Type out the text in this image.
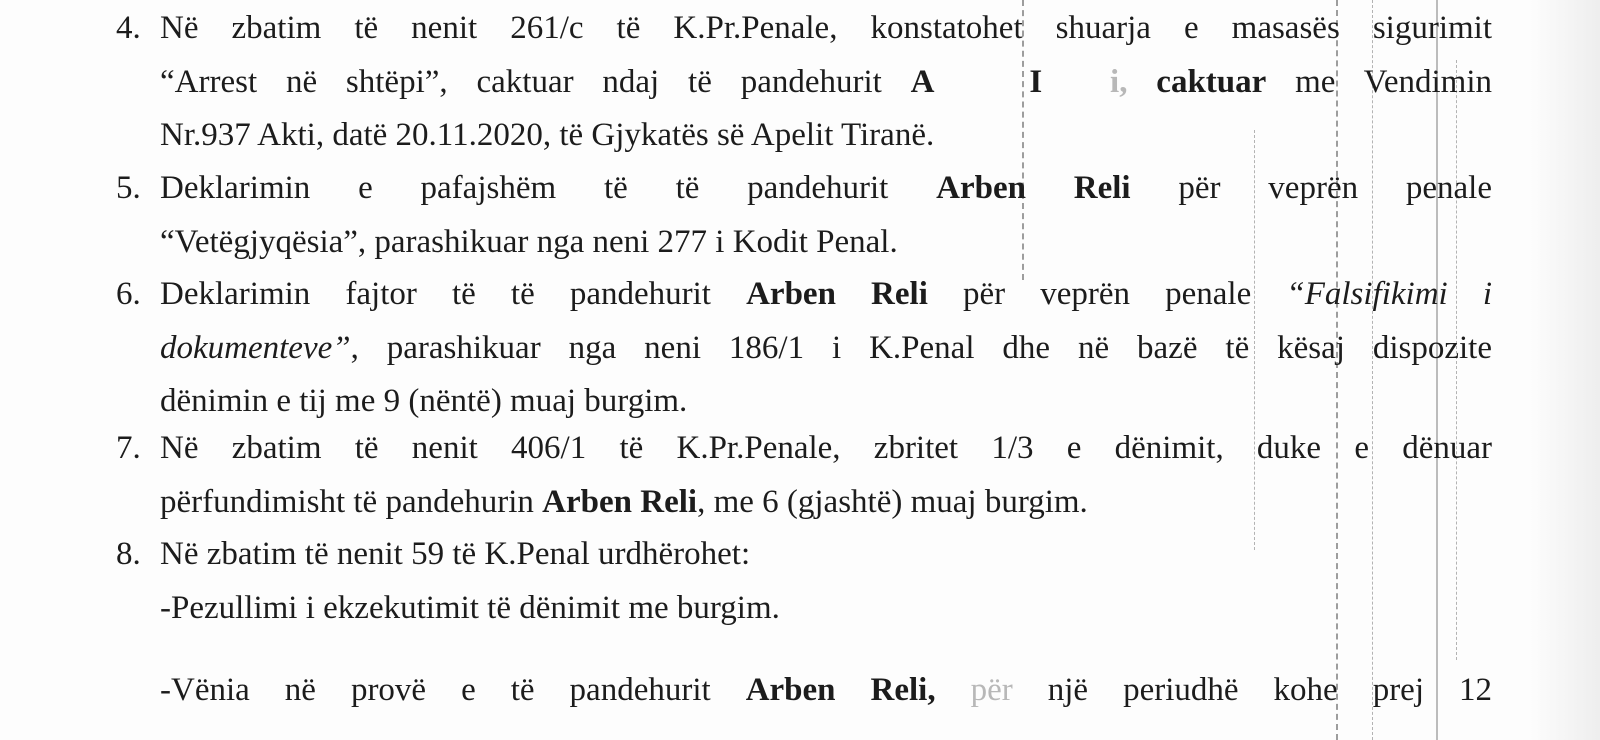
4. Në zbatim të nenit 261/c të K.Pr.Penale, konstatohet shuarja e masasës sigurimit
“Arrest në shtëpi”, caktuar ndaj të pandehurit A	I i, caktuar me Vendimin
Nr.937 Akti, datë 20.11.2020, të Gjykatës së Apelit Tiranë.
5. Deklarimin e pafajshëm të të pandehurit Arben Reli për veprën penale
“Vetëgjyqësia”, parashikuar nga neni 277 i Kodit Penal.
6. Deklarimin fajtor të të pandehurit Arben Reli për veprën penale “Falsifikimi i
dokumenteve”, parashikuar nga neni 186/1 i K.Penal dhe në bazë të kësaj dispozite
dënimin e tij me 9 (nëntë) muaj burgim.
7. Në zbatim të nenit 406/1 të K.Pr.Penale, zbritet 1/3 e dënimit, duke e dënuar
përfundimisht të pandehurin Arben Reli, me 6 (gjashtë) muaj burgim.
8. Në zbatim të nenit 59 të K.Penal urdhërohet:
-Pezullimi i ekzekutimit të dënimit me burgim.
-Vënia në provë e të pandehurit Arben Reli, për një periudhë kohe prej 12
